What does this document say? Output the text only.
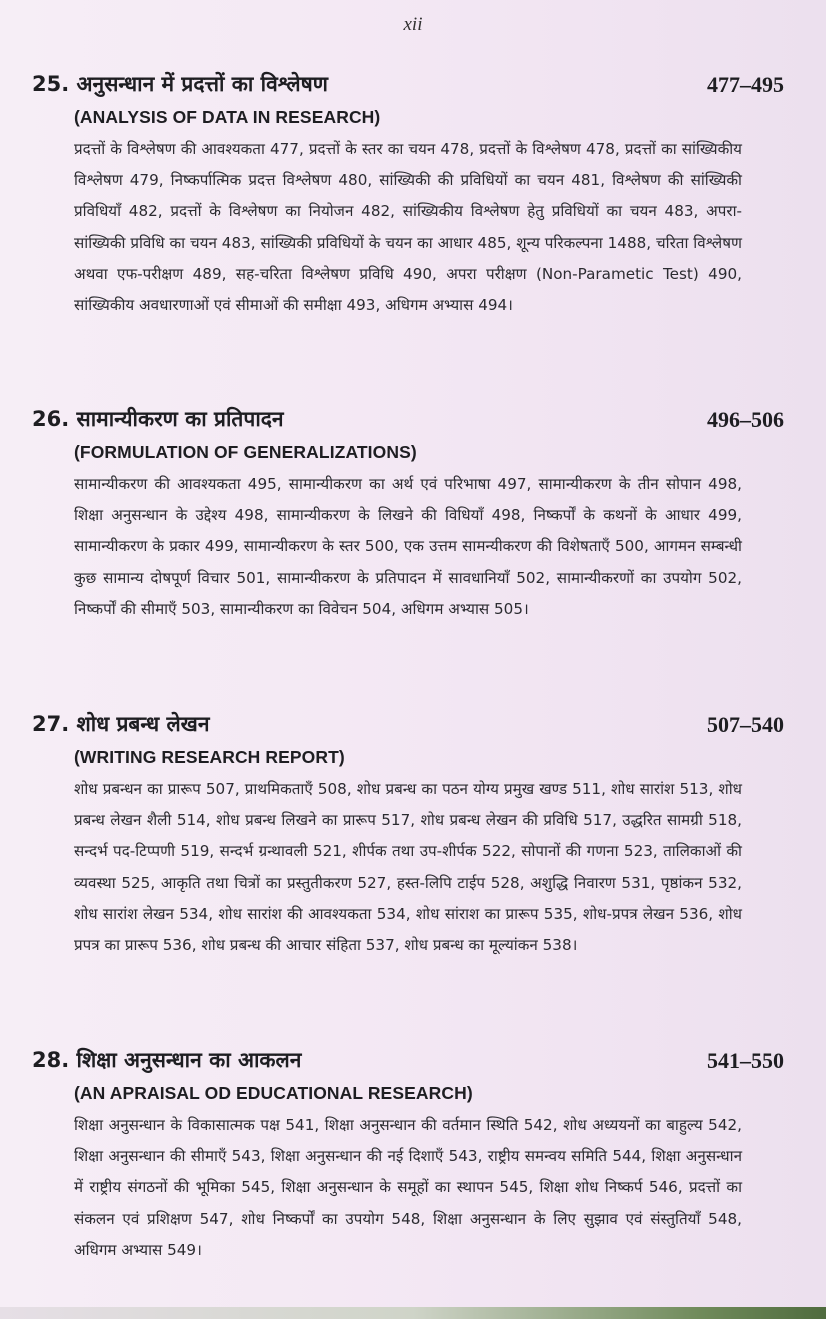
xii
25. अनुसन्धान में प्रदत्तों का विश्लेषण	477–495
(ANALYSIS OF DATA IN RESEARCH)
प्रदत्तों के विश्लेषण की आवश्यकता 477, प्रदत्तों के स्तर का चयन 478, प्रदत्तों के विश्लेषण 478, प्रदत्तों का सांख्यिकीय विश्लेषण 479, निष्कर्पात्मिक प्रदत्त विश्लेषण 480, सांख्यिकी की प्रविधियों का चयन 481, विश्लेषण की सांख्यिकी प्रविधियाँ 482, प्रदत्तों के विश्लेषण का नियोजन 482, सांख्यिकीय विश्लेषण हेतु प्रविधियों का चयन 483, अपरा-सांख्यिकी प्रविधि का चयन 483, सांख्यिकी प्रविधियों के चयन का आधार 485, शून्य परिकल्पना 1488, चरिता विश्लेषण अथवा एफ-परीक्षण 489, सह-चरिता विश्लेषण प्रविधि 490, अपरा परीक्षण (Non-Parametic Test) 490, सांख्यिकीय अवधारणाओं एवं सीमाओं की समीक्षा 493, अधिगम अभ्यास 494।
26. सामान्यीकरण का प्रतिपादन	496–506
(FORMULATION OF GENERALIZATIONS)
सामान्यीकरण की आवश्यकता 495, सामान्यीकरण का अर्थ एवं परिभाषा 497, सामान्यीकरण के तीन सोपान 498, शिक्षा अनुसन्धान के उद्देश्य 498, सामान्यीकरण के लिखने की विधियाँ 498, निष्कर्पों के कथनों के आधार 499, सामान्यीकरण के प्रकार 499, सामान्यीकरण के स्तर 500, एक उत्तम सामन्यीकरण की विशेषताएँ 500, आगमन सम्बन्धी कुछ सामान्य दोषपूर्ण विचार 501, सामान्यीकरण के प्रतिपादन में सावधानियाँ 502, सामान्यीकरणों का उपयोग 502, निष्कर्पों की सीमाएँ 503, सामान्यीकरण का विवेचन 504, अधिगम अभ्यास 505।
27. शोध प्रबन्ध लेखन	507–540
(WRITING RESEARCH REPORT)
शोध प्रबन्धन का प्रारूप 507, प्राथमिकताएँ 508, शोध प्रबन्ध का पठन योग्य प्रमुख खण्ड 511, शोध सारांश 513, शोध प्रबन्ध लेखन शैली 514, शोध प्रबन्ध लिखने का प्रारूप 517, शोध प्रबन्ध लेखन की प्रविधि 517, उद्धरित सामग्री 518, सन्दर्भ पद-टिप्पणी 519, सन्दर्भ ग्रन्थावली 521, शीर्पक तथा उप-शीर्पक 522, सोपानों की गणना 523, तालिकाओं की व्यवस्था 525, आकृति तथा चित्रों का प्रस्तुतीकरण 527, हस्त-लिपि टाईप 528, अशुद्धि निवारण 531, पृष्ठांकन 532, शोध सारांश लेखन 534, शोध सारांश की आवश्यकता 534, शोध सांराश का प्रारूप 535, शोध-प्रपत्र लेखन 536, शोध प्रपत्र का प्रारूप 536, शोध प्रबन्ध की आचार संहिता 537, शोध प्रबन्ध का मूल्यांकन 538।
28. शिक्षा अनुसन्धान का आकलन	541–550
(AN APRAISAL OD EDUCATIONAL RESEARCH)
शिक्षा अनुसन्धान के विकासात्मक पक्ष 541, शिक्षा अनुसन्धान की वर्तमान स्थिति 542, शोध अध्ययनों का बाहुल्य 542, शिक्षा अनुसन्धान की सीमाएँ 543, शिक्षा अनुसन्धान की नई दिशाएँ 543, राष्ट्रीय समन्वय समिति 544, शिक्षा अनुसन्धान में राष्ट्रीय संगठनों की भूमिका 545, शिक्षा अनुसन्धान के समूहों का स्थापन 545, शिक्षा शोध निष्कर्प 546, प्रदत्तों का संकलन एवं प्रशिक्षण 547, शोध निष्कर्पों का उपयोग 548, शिक्षा अनुसन्धान के लिए सुझाव एवं संस्तुतियाँ 548, अधिगम अभ्यास 549।
